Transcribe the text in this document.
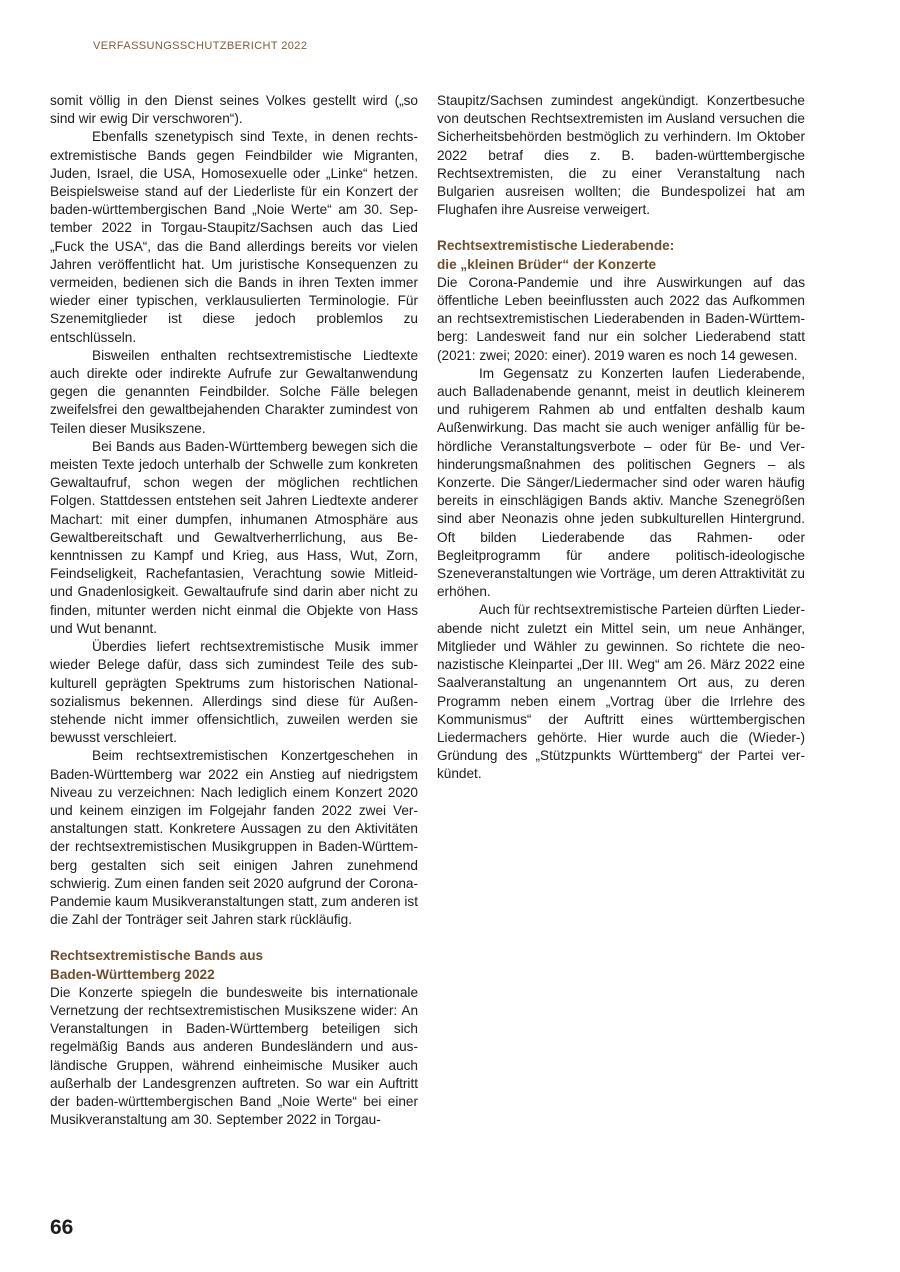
VERFASSUNGSSCHUTZBERICHT 2022

somit völlig in den Dienst seines Volkes gestellt wird („so sind wir ewig Dir verschworen“).

Ebenfalls szenetypisch sind Texte, in denen rechtsextremistische Bands gegen Feindbilder wie Migranten, Juden, Israel, die USA, Homosexuelle oder „Linke“ hetzen. Beispielsweise stand auf der Liederliste für ein Konzert der baden-württembergischen Band „Noie Werte“ am 30. September 2022 in Torgau-Staupitz/Sachsen auch das Lied „Fuck the USA“, das die Band allerdings bereits vor vielen Jahren veröffentlicht hat. Um juristische Konsequenzen zu vermeiden, bedienen sich die Bands in ihren Texten immer wieder einer typischen, verklausulierten Terminologie. Für Szenemitglieder ist diese jedoch problemlos zu entschlüsseln.

Bisweilen enthalten rechtsextremistische Liedtexte auch direkte oder indirekte Aufrufe zur Gewaltanwendung gegen die genannten Feindbilder. Solche Fälle belegen zweifelsfrei den gewaltbejahenden Charakter zumindest von Teilen dieser Musikszene.

Bei Bands aus Baden-Württemberg bewegen sich die meisten Texte jedoch unterhalb der Schwelle zum konkreten Gewaltaufruf, schon wegen der möglichen rechtlichen Folgen. Stattdessen entstehen seit Jahren Liedtexte anderer Machart: mit einer dumpfen, inhumanen Atmosphäre aus Gewaltbereitschaft und Gewaltverherrlichung, aus Bekenntnissen zu Kampf und Krieg, aus Hass, Wut, Zorn, Feindseligkeit, Rachefantasien, Verachtung sowie Mitleid- und Gnadenlosigkeit. Gewaltaufrufe sind darin aber nicht zu finden, mitunter werden nicht einmal die Objekte von Hass und Wut benannt.

Überdies liefert rechtsextremistische Musik immer wieder Belege dafür, dass sich zumindest Teile des subkulturell geprägten Spektrums zum historischen Nationalsozialismus bekennen. Allerdings sind diese für Außenstehende nicht immer offensichtlich, zuweilen werden sie bewusst verschleiert.

Beim rechtsextremistischen Konzertgeschehen in Baden-Württemberg war 2022 ein Anstieg auf niedrigstem Niveau zu verzeichnen: Nach lediglich einem Konzert 2020 und keinem einzigen im Folgejahr fanden 2022 zwei Veranstaltungen statt. Konkretere Aussagen zu den Aktivitäten der rechtsextremistischen Musikgruppen in Baden-Württemberg gestalten sich seit einigen Jahren zunehmend schwierig. Zum einen fanden seit 2020 aufgrund der Corona-Pandemie kaum Musikveranstaltungen statt, zum anderen ist die Zahl der Tonträger seit Jahren stark rückläufig.

Rechtsextremistische Bands aus
Baden-Württemberg 2022

Die Konzerte spiegeln die bundesweite bis internationale Vernetzung der rechtsextremistischen Musikszene wider: An Veranstaltungen in Baden-Württemberg beteiligen sich regelmäßig Bands aus anderen Bundesländern und ausländische Gruppen, während einheimische Musiker auch außerhalb der Landesgrenzen auftreten. So war ein Auftritt der baden-württembergischen Band „Noie Werte“ bei einer Musikveranstaltung am 30. September 2022 in Torgau-

Staupitz/Sachsen zumindest angekündigt. Konzertbesuche von deutschen Rechtsextremisten im Ausland versuchen die Sicherheitsbehörden bestmöglich zu verhindern. Im Oktober 2022 betraf dies z. B. baden-württembergische Rechtsextremisten, die zu einer Veranstaltung nach Bulgarien ausreisen wollten; die Bundespolizei hat am Flughafen ihre Ausreise verweigert.

Rechtsextremistische Liederabende:
die „kleinen Brüder“ der Konzerte

Die Corona-Pandemie und ihre Auswirkungen auf das öffentliche Leben beeinflussten auch 2022 das Aufkommen an rechtsextremistischen Liederabenden in Baden-Württemberg: Landesweit fand nur ein solcher Liederabend statt (2021: zwei; 2020: einer). 2019 waren es noch 14 gewesen.

Im Gegensatz zu Konzerten laufen Liederabende, auch Balladenabende genannt, meist in deutlich kleinerem und ruhigerem Rahmen ab und entfalten deshalb kaum Außenwirkung. Das macht sie auch weniger anfällig für behördliche Veranstaltungsverbote – oder für Be- und Verhinderungsmaßnahmen des politischen Gegners – als Konzerte. Die Sänger/Liedermacher sind oder waren häufig bereits in einschlägigen Bands aktiv. Manche Szenegrößen sind aber Neonazis ohne jeden subkulturellen Hintergrund. Oft bilden Liederabende das Rahmen- oder Begleitprogramm für andere politisch-ideologische Szeneveranstaltungen wie Vorträge, um deren Attraktivität zu erhöhen.

Auch für rechtsextremistische Parteien dürften Liederabende nicht zuletzt ein Mittel sein, um neue Anhänger, Mitglieder und Wähler zu gewinnen. So richtete die neonazistische Kleinpartei „Der III. Weg“ am 26. März 2022 eine Saalveranstaltung an ungenanntem Ort aus, zu deren Programm neben einem „Vortrag über die Irrlehre des Kommunismus“ der Auftritt eines württembergischen Liedermachers gehörte. Hier wurde auch die (Wieder-) Gründung des „Stützpunkts Württemberg“ der Partei verkündet.

66
